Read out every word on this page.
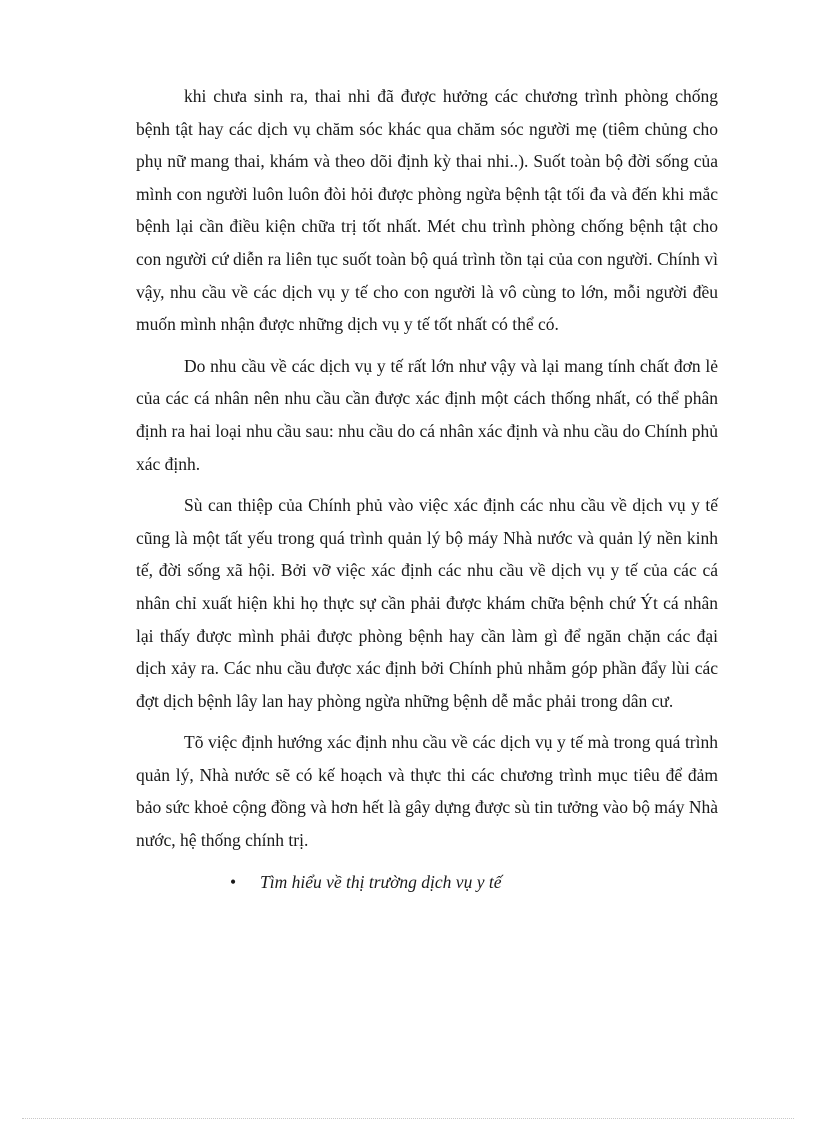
khi chưa sinh ra, thai nhi đã được hưởng các chương trình phòng chống bệnh tật hay các dịch vụ chăm sóc khác qua chăm sóc người mẹ (tiêm chủng cho phụ nữ mang thai, khám và theo dõi định kỳ thai nhi..). Suốt toàn bộ đời sống của mình con người luôn luôn đòi hỏi được phòng ngừa bệnh tật tối đa và đến khi mắc bệnh lại cần điều kiện chữa trị tốt nhất. Mét chu trình phòng chống bệnh tật cho con người cứ diễn ra liên tục suốt toàn bộ quá trình tồn tại của con người. Chính vì vậy, nhu cầu về các dịch vụ y tế cho con người là vô cùng to lớn, mỗi người đều muốn mình nhận được những dịch vụ y tế tốt nhất có thể có.

Do nhu cầu về các dịch vụ y tế rất lớn như vậy và lại mang tính chất đơn lẻ của các cá nhân nên nhu cầu cần được xác định một cách thống nhất, có thể phân định ra hai loại nhu cầu sau: nhu cầu do cá nhân xác định và nhu cầu do Chính phủ xác định.

Sù can thiệp của Chính phủ vào việc xác định các nhu cầu về dịch vụ y tế cũng là một tất yếu trong quá trình quản lý bộ máy Nhà nước và quản lý nền kinh tế, đời sống xã hội. Bởi vỡ việc xác định các nhu cầu về dịch vụ y tế của các cá nhân chỉ xuất hiện khi họ thực sự cần phải được khám chữa bệnh chứ Ýt cá nhân lại thấy được mình phải được phòng bệnh hay cần làm gì để ngăn chặn các đại dịch xảy ra. Các nhu cầu được xác định bởi Chính phủ nhằm góp phần đẩy lùi các đợt dịch bệnh lây lan hay phòng ngừa những bệnh dễ mắc phải trong dân cư.

Tõ việc định hướng xác định nhu cầu về các dịch vụ y tế mà trong quá trình quản lý, Nhà nước sẽ có kế hoạch và thực thi các chương trình mục tiêu để đảm bảo sức khoẻ cộng đồng và hơn hết là gây dựng được sù tin tưởng vào bộ máy Nhà nước, hệ thống chính trị.

• Tìm hiểu về thị trường dịch vụ y tế
